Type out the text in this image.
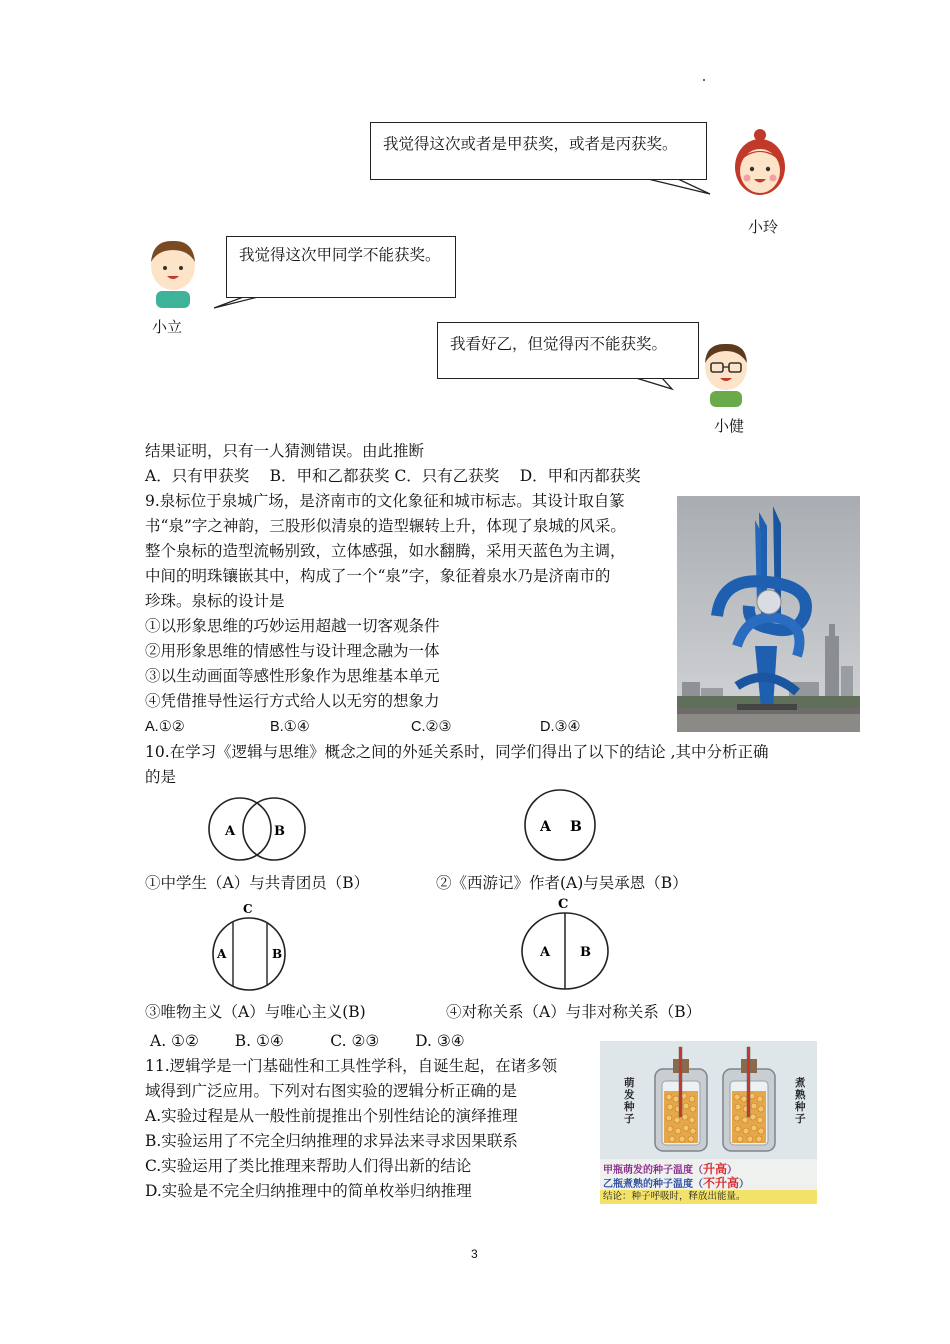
我觉得这次或者是甲获奖，或者是丙获奖。
小玲
我觉得这次甲同学不能获奖。
小立
我看好乙，但觉得丙不能获奖。
小健
结果证明，只有一人猜测错误。由此推断
A．只有甲获奖　 B．甲和乙都获奖 C．只有乙获奖　 D．甲和丙都获奖
9.泉标位于泉城广场，是济南市的文化象征和城市标志。其设计取自篆
书“泉”字之神韵，三股形似清泉的造型辗转上升，体现了泉城的风采。
整个泉标的造型流畅别致，立体感强，如水翻腾，采用天蓝色为主调，
中间的明珠镶嵌其中，构成了一个“泉”字，象征着泉水乃是济南市的
珍珠。泉标的设计是
①以形象思维的巧妙运用超越一切客观条件
②用形象思维的情感性与设计理念融为一体
③以生动画面等感性形象作为思维基本单元
④凭借推导性运行方式给人以无穷的想象力
A.①②	B.①④	C.②③	D.③④
10.在学习《逻辑与思维》概念之间的外延关系时，同学们得出了以下的结论 ,其中分析正确
的是
A	B	A B
①中学生（A）与共青团员（B）	②《西游记》作者(A)与吴承恩（B）
C
A	B
C
A B
③唯物主义（A）与唯心主义(B)	④对称关系（A）与非对称关系（B）
A. ①②　　 B. ①④　　　C. ②③　　 D. ③④
11.逻辑学是一门基础性和工具性学科，自诞生起，在诸多领
域得到广泛应用。下列对右图实验的逻辑分析正确的是
A.实验过程是从一般性前提推出个别性结论的演绎推理
B.实验运用了不完全归纳推理的求异法来寻求因果联系
C.实验运用了类比推理来帮助人们得出新的结论
D.实验是不完全归纳推理中的简单枚举归纳推理
萌发种子
煮熟种子
甲瓶萌发的种子温度（升高）
乙瓶煮熟的种子温度（不升高）
结论：种子呼吸时，释放出能量。
3
